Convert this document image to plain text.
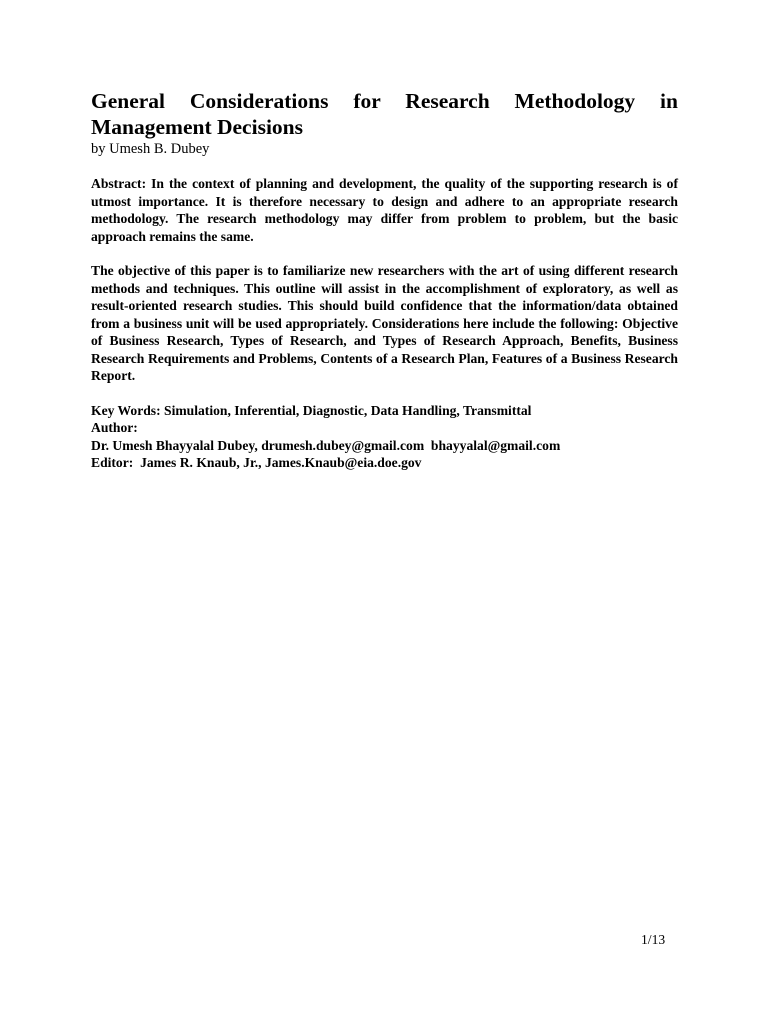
General Considerations for Research Methodology in
Management Decisions

by Umesh B. Dubey

Abstract: In the context of planning and development, the quality of the supporting research is of utmost importance. It is therefore necessary to design and adhere to an appropriate research methodology. The research methodology may differ from problem to problem, but the basic approach remains the same.

The objective of this paper is to familiarize new researchers with the art of using different research methods and techniques. This outline will assist in the accomplishment of exploratory, as well as result-oriented research studies. This should build confidence that the information/data obtained from a business unit will be used appropriately. Considerations here include the following: Objective of Business Research, Types of Research, and Types of Research Approach, Benefits, Business Research Requirements and Problems, Contents of a Research Plan, Features of a Business Research Report.

Key Words: Simulation, Inferential, Diagnostic, Data Handling, Transmittal

Author:

Dr. Umesh Bhayyalal Dubey, drumesh.dubey@gmail.com  bhayyalal@gmail.com

Editor:  James R. Knaub, Jr., James.Knaub@eia.doe.gov

1/13
